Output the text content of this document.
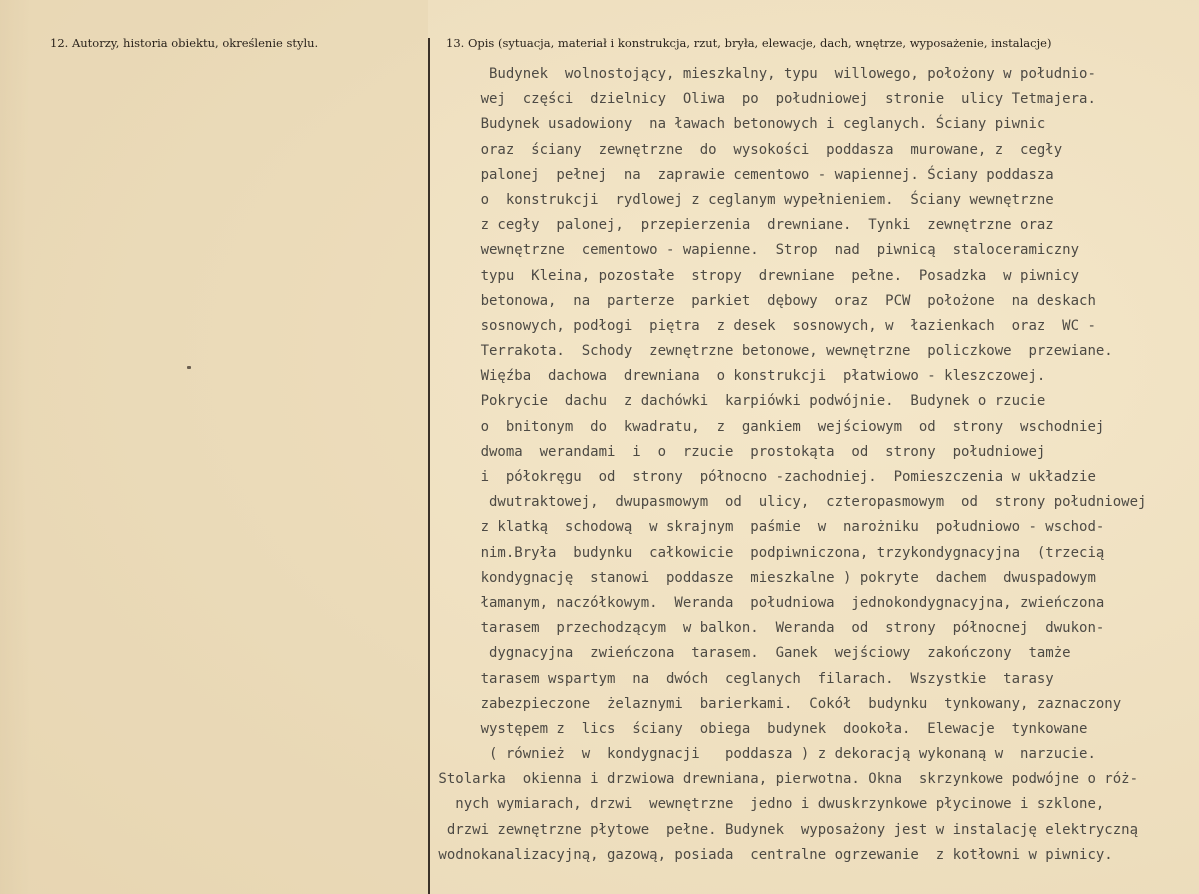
12. Autorzy, historia obiektu, określenie stylu.	13. Opis (sytuacja, materiał i konstrukcja, rzut, bryła, elewacje, dach, wnętrze, wyposażenie, instalacje)
Budynek  wolnostojący, mieszkalny, typu  willowego, położony w południo-
wej  części  dzielnicy  Oliwa  po  południowej  stronie  ulicy Tetmajera.
Budynek usadowiony  na ławach betonowych i ceglanych. Ściany piwnic
oraz  ściany  zewnętrzne  do  wysokości  poddasza  murowane, z  cegły
palonej  pełnej  na  zaprawie cementowo - wapiennej. Ściany poddasza
o  konstrukcji  rydlowej z ceglanym wypełnieniem.  Ściany wewnętrzne
z cegły  palonej,  przepierzenia  drewniane.  Tynki  zewnętrzne oraz
wewnętrzne  cementowo - wapienne.  Strop  nad  piwnicą  staloceramiczny
typu  Kleina, pozostałe  stropy  drewniane  pełne.  Posadzka  w piwnicy
betonowa,  na  parterze  parkiet  dębowy  oraz  PCW  położone  na deskach
sosnowych, podłogi  piętra  z desek  sosnowych, w  łazienkach  oraz  WC -
Terrakota.  Schody  zewnętrzne betonowe, wewnętrzne  policzkowe  przewiane.
Więźba  dachowa  drewniana  o konstrukcji  płatwiowo - kleszczowej.
Pokrycie  dachu  z dachówki  karpiówki podwójnie.  Budynek o rzucie
o  bnitonym  do  kwadratu,  z  gankiem  wejściowym  od  strony  wschodniej
dwoma  werandami  i  o  rzucie  prostokąta  od  strony  południowej
i  półokręgu  od  strony  północno -zachodniej.  Pomieszczenia w układzie
dwutraktowej,  dwupasmowym  od  ulicy,  czteropasmowym  od  strony południowej
z klatką  schodową  w skrajnym  paśmie  w  narożniku  południowo - wschod-
nim.Bryła  budynku  całkowicie  podpiwniczona, trzykondygnacyjna  (trzecią
kondygnację  stanowi  poddasze  mieszkalne ) pokryte  dachem  dwuspadowym
łamanym, naczółkowym.  Weranda  południowa  jednokondygnacyjna, zwieńczona
tarasem  przechodzącym  w balkon.  Weranda  od  strony  północnej  dwukon-
dygnacyjna  zwieńczona  tarasem.  Ganek  wejściowy  zakończony  tamże
tarasem wspartym  na  dwóch  ceglanych  filarach.  Wszystkie  tarasy
zabezpieczone  żelaznymi  barierkami.  Cokół  budynku  tynkowany, zaznaczony
występem z  lics  ściany  obiega  budynek  dookoła.  Elewacje  tynkowane
( również  w  kondygnacji   poddasza ) z dekoracją wykonaną w  narzucie.
Stolarka  okienna i drzwiowa drewniana, pierwotna. Okna  skrzynkowe podwójne o róż-
nych wymiarach, drzwi  wewnętrzne  jedno i dwuskrzynkowe płycinowe i szklone,
drzwi zewnętrzne płytowe  pełne. Budynek  wyposażony jest w instalację elektryczną
wodnokanalizacyjną, gazową, posiada  centralne ogrzewanie  z kotłowni w piwnicy.
